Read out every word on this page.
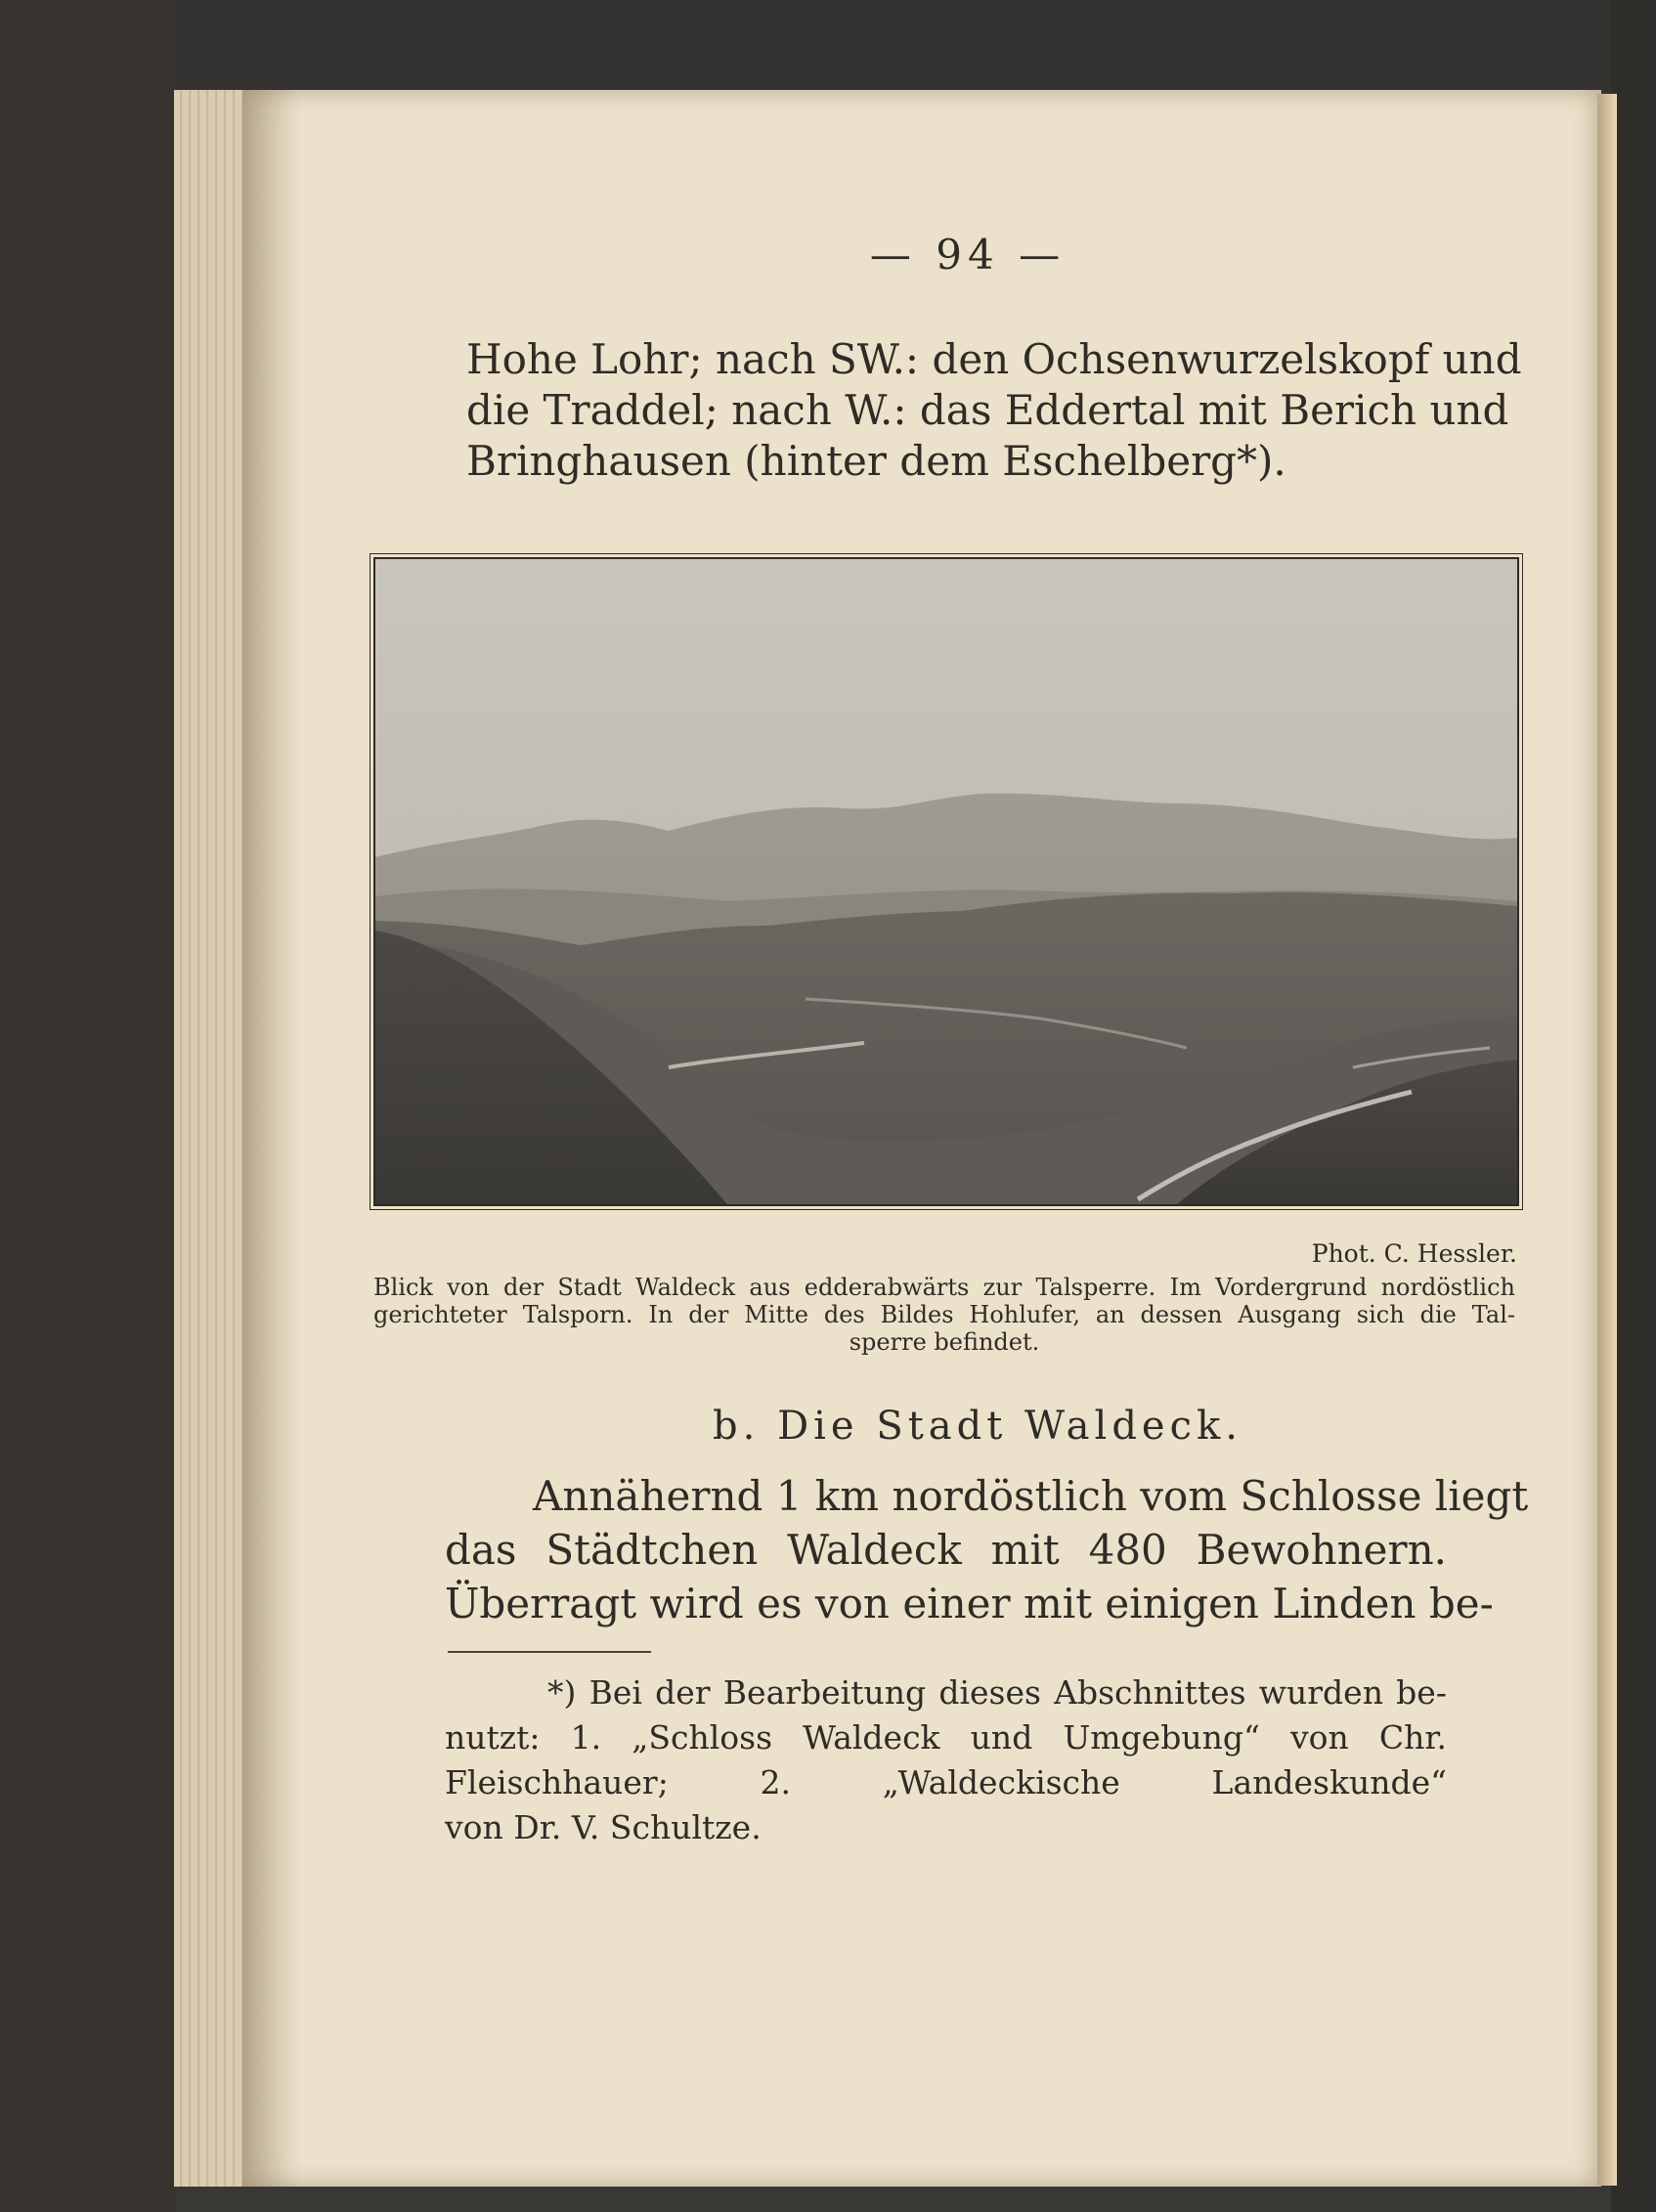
— 94 —
Hohe Lohr; nach SW.: den Ochsenwurzelskopf und
die Traddel; nach W.: das Eddertal mit Berich und
Bringhausen (hinter dem Eschelberg*).
Phot. C. Hessler.
Blick von der Stadt Waldeck aus edderabwärts zur Talsperre. Im Vordergrund nordöstlich
gerichteter Talsporn. In der Mitte des Bildes Hohlufer, an dessen Ausgang sich die Tal-
sperre befindet.
b. Die Stadt Waldeck.
Annähernd 1 km nordöstlich vom Schlosse liegt
das Städtchen Waldeck mit 480 Bewohnern.
Überragt wird es von einer mit einigen Linden be-
*) Bei der Bearbeitung dieses Abschnittes wurden be-
nutzt: 1. „Schloss Waldeck und Umgebung“ von Chr.
Fleischhauer; 2. „Waldeckische Landeskunde“
von Dr. V. Schultze.
